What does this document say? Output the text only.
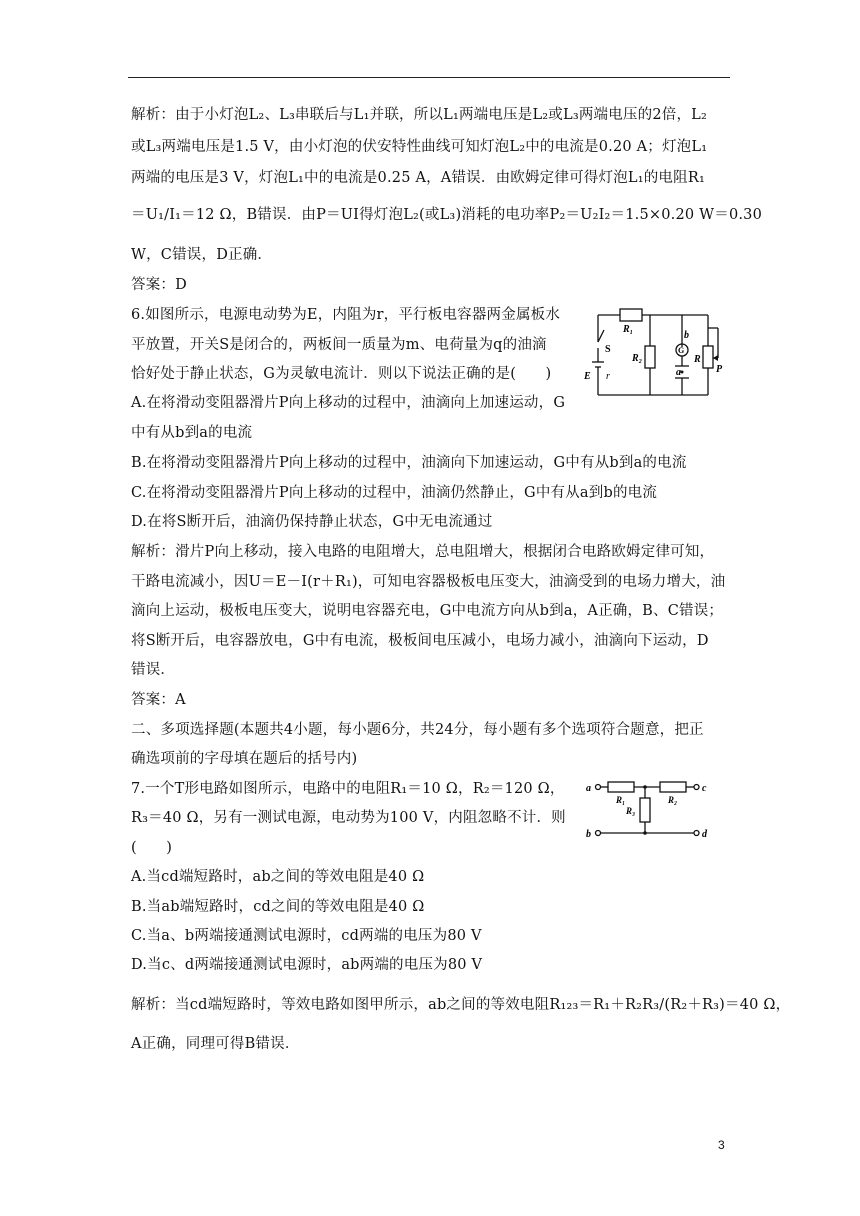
解析：由于小灯泡L₂、L₃串联后与L₁并联，所以L₁两端电压是L₂或L₃两端电压的2倍，L₂
或L₃两端电压是1.5 V，由小灯泡的伏安特性曲线可知灯泡L₂中的电流是0.20 A；灯泡L₁
两端的电压是3 V，灯泡L₁中的电流是0.25 A，A错误．由欧姆定律可得灯泡L₁的电阻R₁
＝U₁/I₁＝12 Ω，B错误．由P＝UI得灯泡L₂(或L₃)消耗的电功率P₂＝U₂I₂＝1.5×0.20 W＝0.30
W，C错误，D正确．
答案：D
6.如图所示，电源电动势为E，内阻为r，平行板电容器两金属板水
平放置，开关S是闭合的，两板间一质量为m、电荷量为q的油滴
恰好处于静止状态，G为灵敏电流计．则以下说法正确的是(　　)
A.在将滑动变阻器滑片P向上移动的过程中，油滴向上加速运动，G
中有从b到a的电流
B.在将滑动变阻器滑片P向上移动的过程中，油滴向下加速运动，G中有从b到a的电流
C.在将滑动变阻器滑片P向上移动的过程中，油滴仍然静止，G中有从a到b的电流
D.在将S断开后，油滴仍保持静止状态，G中无电流通过
解析：滑片P向上移动，接入电路的电阻增大，总电阻增大，根据闭合电路欧姆定律可知，
干路电流减小，因U＝E－I(r＋R₁)，可知电容器极板电压变大，油滴受到的电场力增大，油
滴向上运动，极板电压变大，说明电容器充电，G中电流方向从b到a，A正确，B、C错误；
将S断开后，电容器放电，G中有电流，极板间电压减小，电场力减小，油滴向下运动，D
错误．
答案：A
二、多项选择题(本题共4小题，每小题6分，共24分，每小题有多个选项符合题意，把正
确选项前的字母填在题后的括号内)
7.一个T形电路如图所示，电路中的电阻R₁＝10 Ω，R₂＝120 Ω，
R₃＝40 Ω，另有一测试电源，电动势为100 V，内阻忽略不计．则
(　　)
A.当cd端短路时，ab之间的等效电阻是40 Ω
B.当ab端短路时，cd之间的等效电阻是40 Ω
C.当a、b两端接通测试电源时，cd两端的电压为80 V
D.当c、d两端接通测试电源时，ab两端的电压为80 V
解析：当cd端短路时，等效电路如图甲所示，ab之间的等效电阻R₁₂₃＝R₁＋R₂R₃/(R₂＋R₃)＝40 Ω，
A正确，同理可得B错误．
R₁
R₂	R
S
E r
G
b
a	P
a
b
c
d
R₁	R₂
R₃
3
